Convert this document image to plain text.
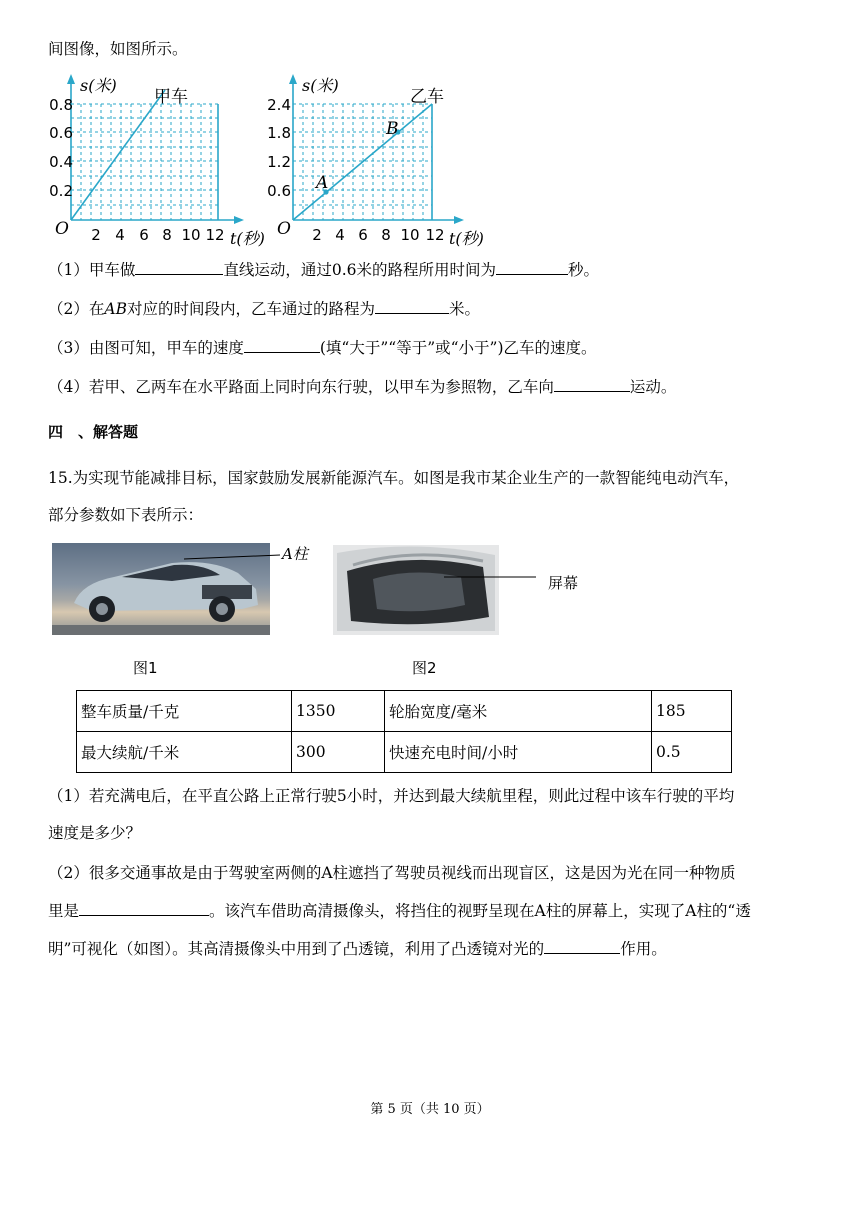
间图像，如图所示。
s(米)
甲车
0.8
0.6
0.4
0.2
O 2 4 6 8 10 12 t(秒)
A
B
s(米)
乙车
2.4
1.8
1.2
0.6
O 2 4 6 8 10 12 t(秒)
（1）甲车做	直线运动，通过0.6米的路程所用时间为	秒。
（2）在AB对应的时间段内，乙车通过的路程为	米。
（3）由图可知，甲车的速度	(填“大于”“等于”或“小于”)乙车的速度。
（4）若甲、乙两车在水平路面上同时向东行驶，以甲车为参照物，乙车向	运动。
四　、解答题
15.为实现节能减排目标，国家鼓励发展新能源汽车。如图是我市某企业生产的一款智能纯电动汽车，
部分参数如下表所示：
A柱
屏幕
图1	图2
整车质量/千克	1350	轮胎宽度/毫米	185
最大续航/千米	300	快速充电时间/小时	0.5
（1）若充满电后，在平直公路上正常行驶5小时，并达到最大续航里程，则此过程中该车行驶的平均
速度是多少？
（2）很多交通事故是由于驾驶室两侧的A柱遮挡了驾驶员视线而出现盲区，这是因为光在同一种物质
里是	。该汽车借助高清摄像头，将挡住的视野呈现在A柱的屏幕上，实现了A柱的“透
明”可视化（如图）。其高清摄像头中用到了凸透镜，利用了凸透镜对光的	作用。
第 5 页（共 10 页）
